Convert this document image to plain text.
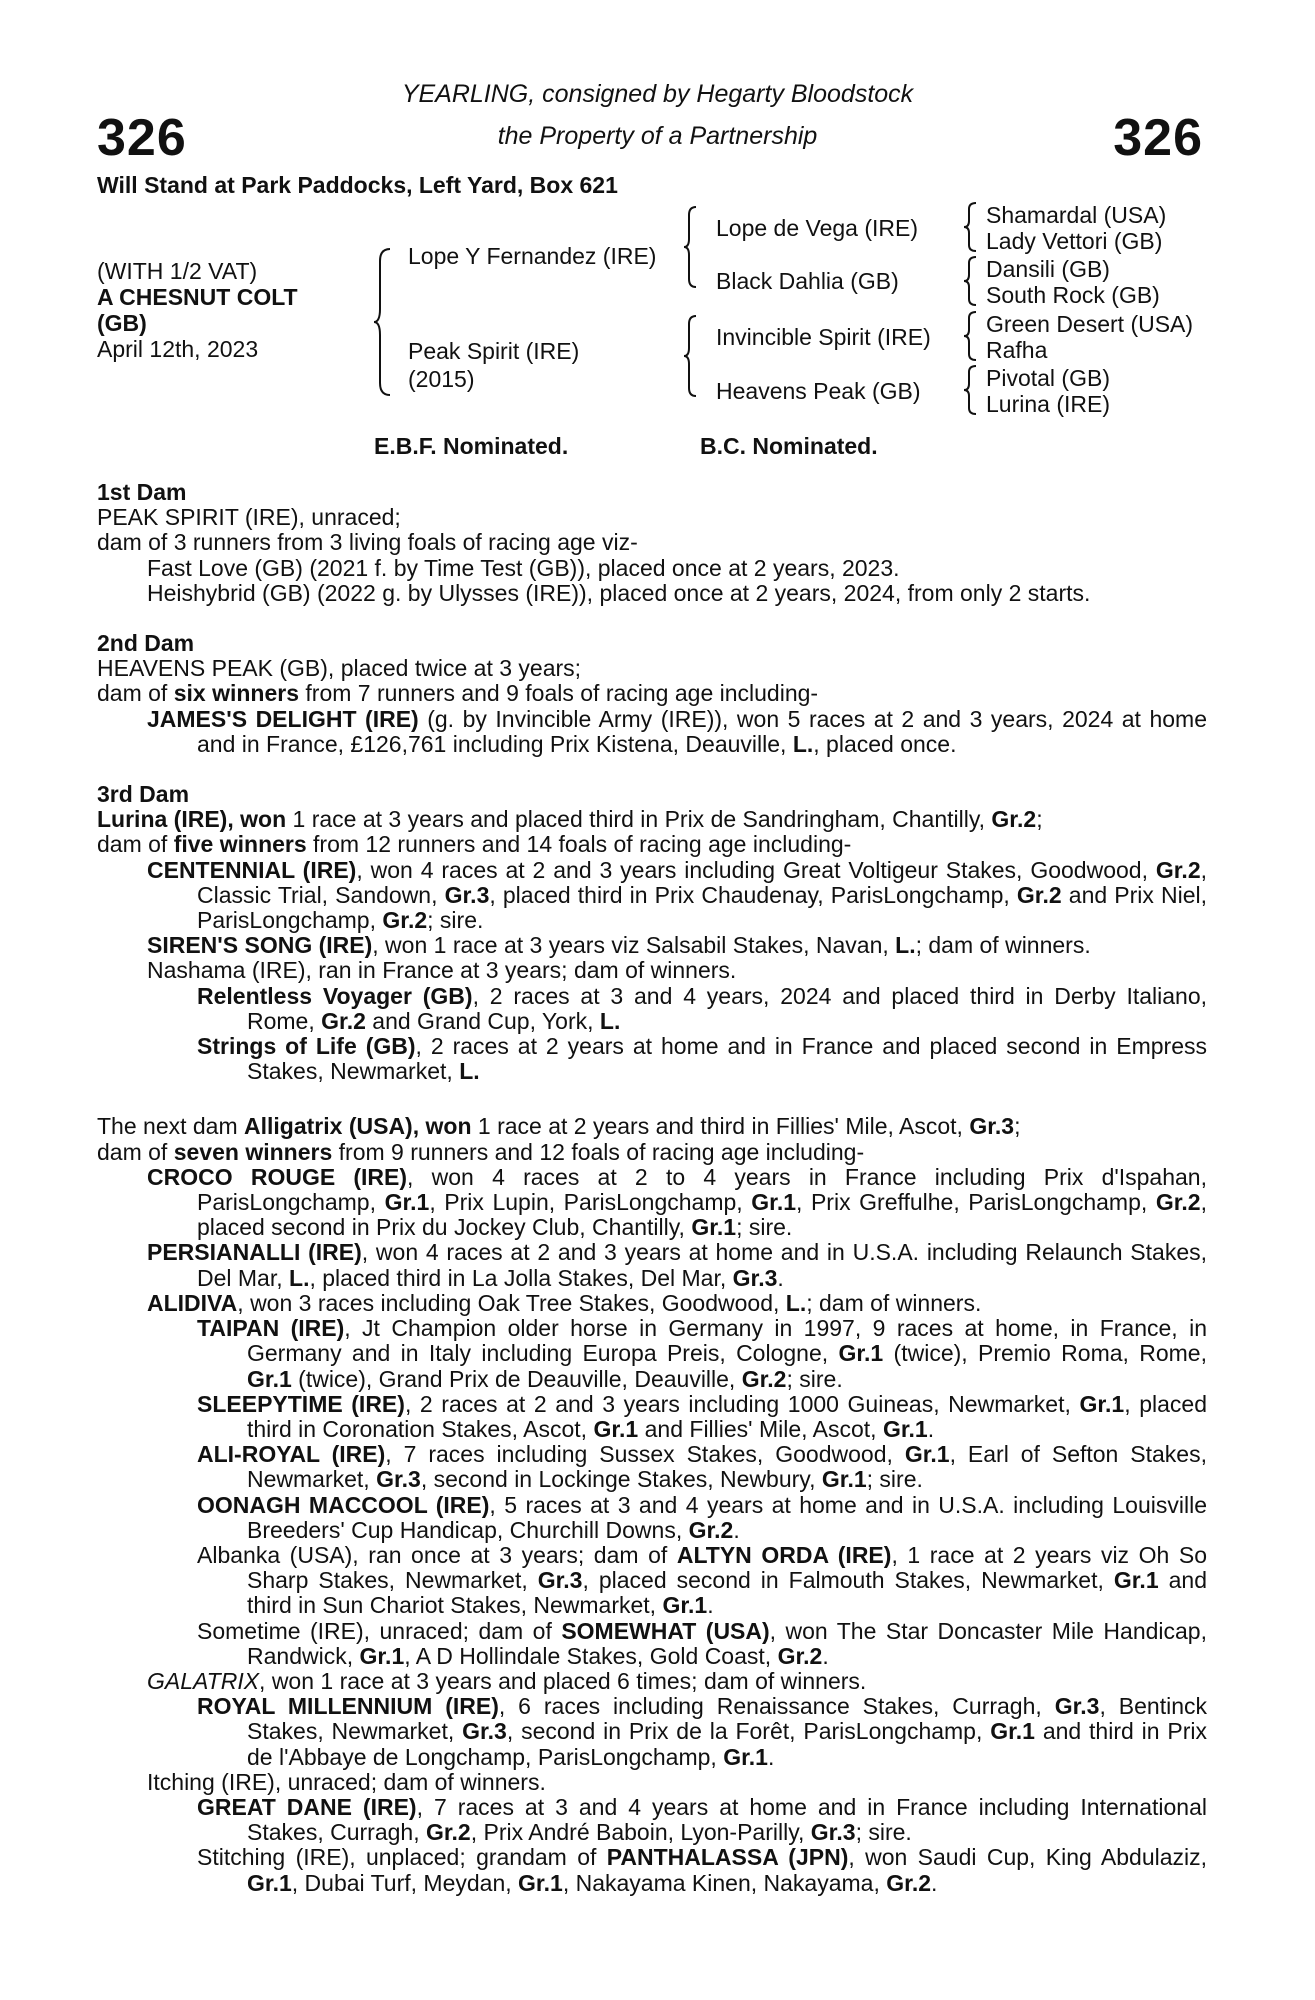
326	326
YEARLING, consigned by Hegarty Bloodstock
the Property of a Partnership
Will Stand at Park Paddocks, Left Yard, Box 621
(WITH 1/2 VAT)
A CHESNUT COLT
(GB)
April 12th, 2023
Lope Y Fernandez (IRE)
Peak Spirit (IRE)
(2015)
Lope de Vega (IRE)
Black Dahlia (GB)
Invincible Spirit (IRE)
Heavens Peak (GB)
Shamardal (USA)
Lady Vettori (GB)
Dansili (GB)
South Rock (GB)
Green Desert (USA)
Rafha
Pivotal (GB)
Lurina (IRE)
E.B.F. Nominated.	B.C. Nominated.

1st Dam

PEAK SPIRIT (IRE), unraced;

dam of 3 runners from 3 living foals of racing age viz-

Fast Love (GB) (2021 f. by Time Test (GB)), placed once at 2 years, 2023.

Heishybrid (GB) (2022 g. by Ulysses (IRE)), placed once at 2 years, 2024, from only 2 starts.

2nd Dam

HEAVENS PEAK (GB), placed twice at 3 years;

dam of six winners from 7 runners and 9 foals of racing age including-

JAMES'S DELIGHT (IRE) (g. by Invincible Army (IRE)), won 5 races at 2 and 3 years, 2024 at home and in France, £126,761 including Prix Kistena, Deauville, L., placed once.

3rd Dam

Lurina (IRE), won 1 race at 3 years and placed third in Prix de Sandringham, Chantilly, Gr.2;

dam of five winners from 12 runners and 14 foals of racing age including-

CENTENNIAL (IRE), won 4 races at 2 and 3 years including Great Voltigeur Stakes, Goodwood, Gr.2, Classic Trial, Sandown, Gr.3, placed third in Prix Chaudenay, ParisLongchamp, Gr.2 and Prix Niel, ParisLongchamp, Gr.2; sire.

SIREN'S SONG (IRE), won 1 race at 3 years viz Salsabil Stakes, Navan, L.; dam of winners.

Nashama (IRE), ran in France at 3 years; dam of winners.

Relentless Voyager (GB), 2 races at 3 and 4 years, 2024 and placed third in Derby Italiano, Rome, Gr.2 and Grand Cup, York, L.

Strings of Life (GB), 2 races at 2 years at home and in France and placed second in Empress Stakes, Newmarket, L.

The next dam Alligatrix (USA), won 1 race at 2 years and third in Fillies' Mile, Ascot, Gr.3;

dam of seven winners from 9 runners and 12 foals of racing age including-

CROCO ROUGE (IRE), won 4 races at 2 to 4 years in France including Prix d'Ispahan, ParisLongchamp, Gr.1, Prix Lupin, ParisLongchamp, Gr.1, Prix Greffulhe, ParisLongchamp, Gr.2, placed second in Prix du Jockey Club, Chantilly, Gr.1; sire.

PERSIANALLI (IRE), won 4 races at 2 and 3 years at home and in U.S.A. including Relaunch Stakes, Del Mar, L., placed third in La Jolla Stakes, Del Mar, Gr.3.

ALIDIVA, won 3 races including Oak Tree Stakes, Goodwood, L.; dam of winners.

TAIPAN (IRE), Jt Champion older horse in Germany in 1997, 9 races at home, in France, in Germany and in Italy including Europa Preis, Cologne, Gr.1 (twice), Premio Roma, Rome, Gr.1 (twice), Grand Prix de Deauville, Deauville, Gr.2; sire.

SLEEPYTIME (IRE), 2 races at 2 and 3 years including 1000 Guineas, Newmarket, Gr.1, placed third in Coronation Stakes, Ascot, Gr.1 and Fillies' Mile, Ascot, Gr.1.

ALI-ROYAL (IRE), 7 races including Sussex Stakes, Goodwood, Gr.1, Earl of Sefton Stakes, Newmarket, Gr.3, second in Lockinge Stakes, Newbury, Gr.1; sire.

OONAGH MACCOOL (IRE), 5 races at 3 and 4 years at home and in U.S.A. including Louisville Breeders' Cup Handicap, Churchill Downs, Gr.2.

Albanka (USA), ran once at 3 years; dam of ALTYN ORDA (IRE), 1 race at 2 years viz Oh So Sharp Stakes, Newmarket, Gr.3, placed second in Falmouth Stakes, Newmarket, Gr.1 and third in Sun Chariot Stakes, Newmarket, Gr.1.

Sometime (IRE), unraced; dam of SOMEWHAT (USA), won The Star Doncaster Mile Handicap, Randwick, Gr.1, A D Hollindale Stakes, Gold Coast, Gr.2.

GALATRIX, won 1 race at 3 years and placed 6 times; dam of winners.

ROYAL MILLENNIUM (IRE), 6 races including Renaissance Stakes, Curragh, Gr.3, Bentinck Stakes, Newmarket, Gr.3, second in Prix de la Forêt, ParisLongchamp, Gr.1 and third in Prix de l'Abbaye de Longchamp, ParisLongchamp, Gr.1.

Itching (IRE), unraced; dam of winners.

GREAT DANE (IRE), 7 races at 3 and 4 years at home and in France including International Stakes, Curragh, Gr.2, Prix André Baboin, Lyon-Parilly, Gr.3; sire.

Stitching (IRE), unplaced; grandam of PANTHALASSA (JPN), won Saudi Cup, King Abdulaziz, Gr.1, Dubai Turf, Meydan, Gr.1, Nakayama Kinen, Nakayama, Gr.2.
